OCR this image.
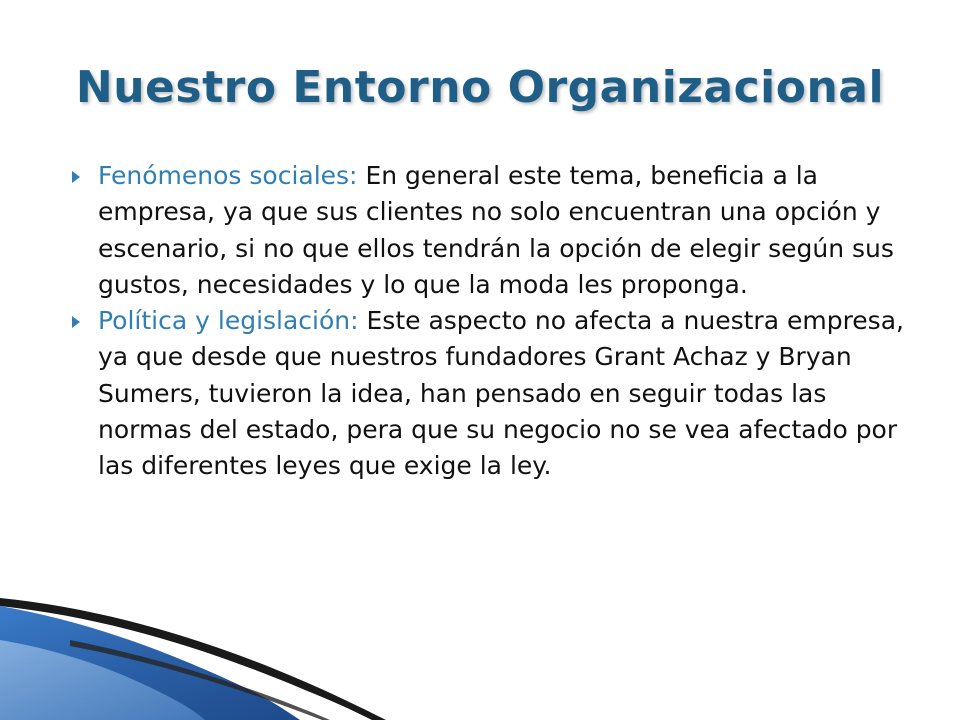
Nuestro Entorno Organizacional
Fenómenos sociales: En general este tema, beneficia a la empresa, ya que sus clientes no solo encuentran una opción y escenario, si no que ellos tendrán la opción de elegir según sus gustos, necesidades y lo que la moda les proponga.
Política y legislación: Este aspecto no afecta a nuestra empresa, ya que desde que nuestros fundadores Grant Achaz y Bryan Sumers, tuvieron la idea, han pensado en seguir todas las normas del estado, pera que su negocio no se vea afectado por las diferentes leyes que exige la ley.
